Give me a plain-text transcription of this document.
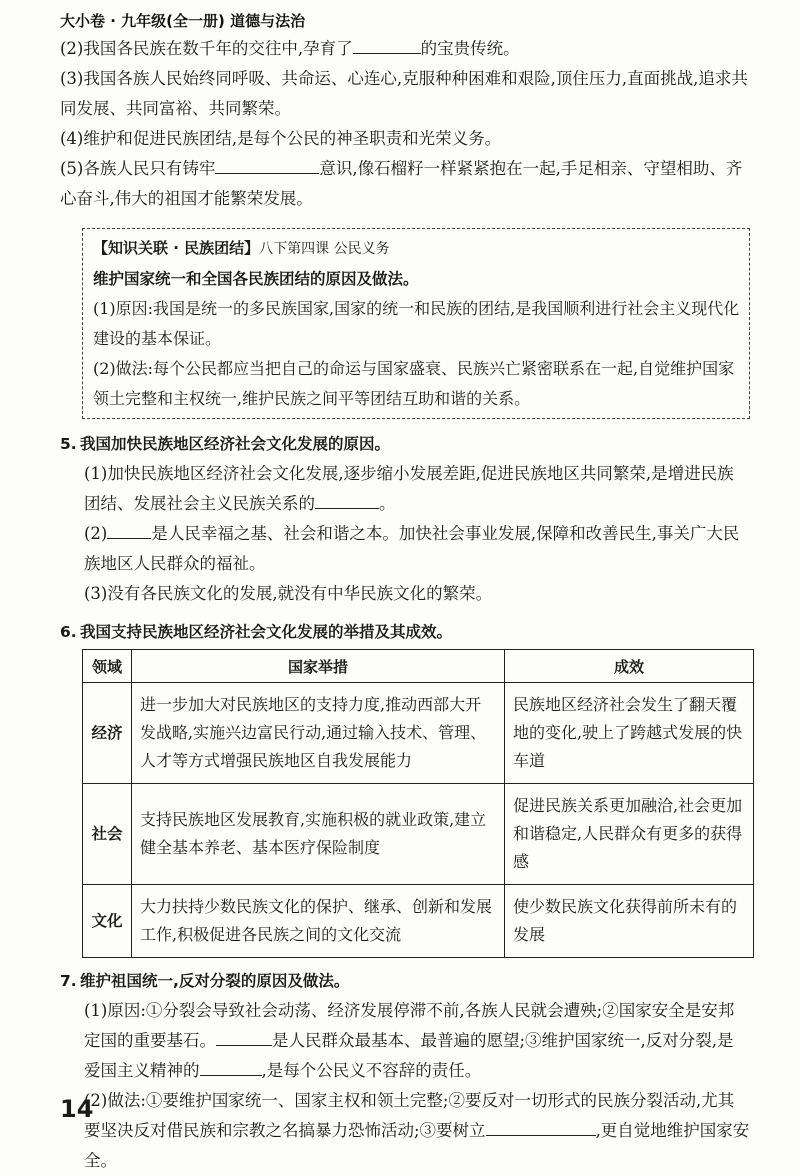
大小卷 · 九年级(全一册) 道德与法治

(2)我国各民族在数千年的交往中,孕育了	的宝贵传统。

(3)我国各族人民始终同呼吸、共命运、心连心,克服种种困难和艰险,顶住压力,直面挑战,追求共同发展、共同富裕、共同繁荣。

(4)维护和促进民族团结,是每个公民的神圣职责和光荣义务。

(5)各族人民只有铸牢	意识,像石榴籽一样紧紧抱在一起,手足相亲、守望相助、齐心奋斗,伟大的祖国才能繁荣发展。

【知识关联 · 民族团结】八下第四课 公民义务

维护国家统一和全国各民族团结的原因及做法。

(1)原因:我国是统一的多民族国家,国家的统一和民族的团结,是我国顺利进行社会主义现代化建设的基本保证。

(2)做法:每个公民都应当把自己的命运与国家盛衰、民族兴亡紧密联系在一起,自觉维护国家领土完整和主权统一,维护民族之间平等团结互助和谐的关系。

5. 我国加快民族地区经济社会文化发展的原因。

(1)加快民族地区经济社会文化发展,逐步缩小发展差距,促进民族地区共同繁荣,是增进民族团结、发展社会主义民族关系的	。

(2)	是人民幸福之基、社会和谐之本。加快社会事业发展,保障和改善民生,事关广大民族地区人民群众的福祉。

(3)没有各民族文化的发展,就没有中华民族文化的繁荣。

6. 我国支持民族地区经济社会文化发展的举措及其成效。

领域	国家举措	成效
经济	进一步加大对民族地区的支持力度,推动西部大开发战略,实施兴边富民行动,通过输入技术、管理、人才等方式增强民族地区自我发展能力	民族地区经济社会发生了翻天覆地的变化,驶上了跨越式发展的快车道
社会	支持民族地区发展教育,实施积极的就业政策,建立健全基本养老、基本医疗保险制度	促进民族关系更加融洽,社会更加和谐稳定,人民群众有更多的获得感
文化	大力扶持少数民族文化的保护、继承、创新和发展工作,积极促进各民族之间的文化交流	使少数民族文化获得前所未有的发展

7. 维护祖国统一,反对分裂的原因及做法。

(1)原因:①分裂会导致社会动荡、经济发展停滞不前,各族人民就会遭殃;②国家安全是安邦定国的重要基石。	是人民群众最基本、最普遍的愿望;③维护国家统一,反对分裂,是爱国主义精神的	,是每个公民义不容辞的责任。

(2)做法:①要维护国家统一、国家主权和领土完整;②要反对一切形式的民族分裂活动,尤其要坚决反对借民族和宗教之名搞暴力恐怖活动;③要树立	,更自觉地维护国家安全。

14
